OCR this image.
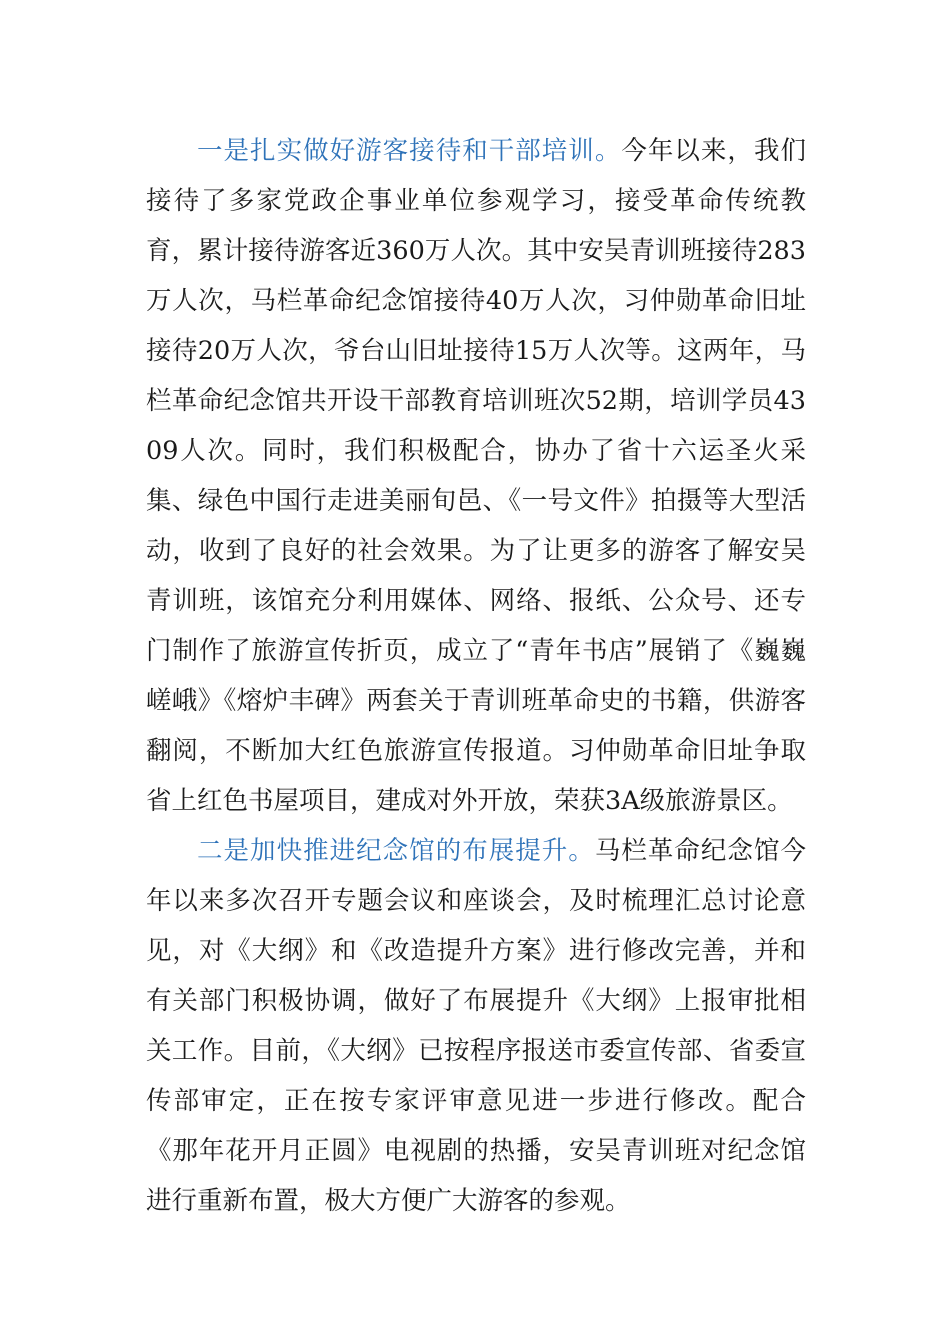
一是扎实做好游客接待和干部培训。今年以来，我们接待了多家党政企事业单位参观学习，接受革命传统教育，累计接待游客近360万人次。其中安吴青训班接待283万人次，马栏革命纪念馆接待40万人次，习仲勋革命旧址接待20万人次，爷台山旧址接待15万人次等。这两年，马栏革命纪念馆共开设干部教育培训班次52期，培训学员4309人次。同时，我们积极配合，协办了省十六运圣火采集、绿色中国行走进美丽旬邑、《一号文件》拍摄等大型活动，收到了良好的社会效果。为了让更多的游客了解安吴青训班，该馆充分利用媒体、网络、报纸、公众号、还专门制作了旅游宣传折页，成立了“青年书店”展销了《巍巍嵯峨》《熔炉丰碑》两套关于青训班革命史的书籍，供游客翻阅，不断加大红色旅游宣传报道。习仲勋革命旧址争取省上红色书屋项目，建成对外开放，荣获3A级旅游景区。

二是加快推进纪念馆的布展提升。马栏革命纪念馆今年以来多次召开专题会议和座谈会，及时梳理汇总讨论意见，对《大纲》和《改造提升方案》进行修改完善，并和有关部门积极协调，做好了布展提升《大纲》上报审批相关工作。目前，《大纲》已按程序报送市委宣传部、省委宣传部审定，正在按专家评审意见进一步进行修改。配合《那年花开月正圆》电视剧的热播，安吴青训班对纪念馆进行重新布置，极大方便广大游客的参观。
